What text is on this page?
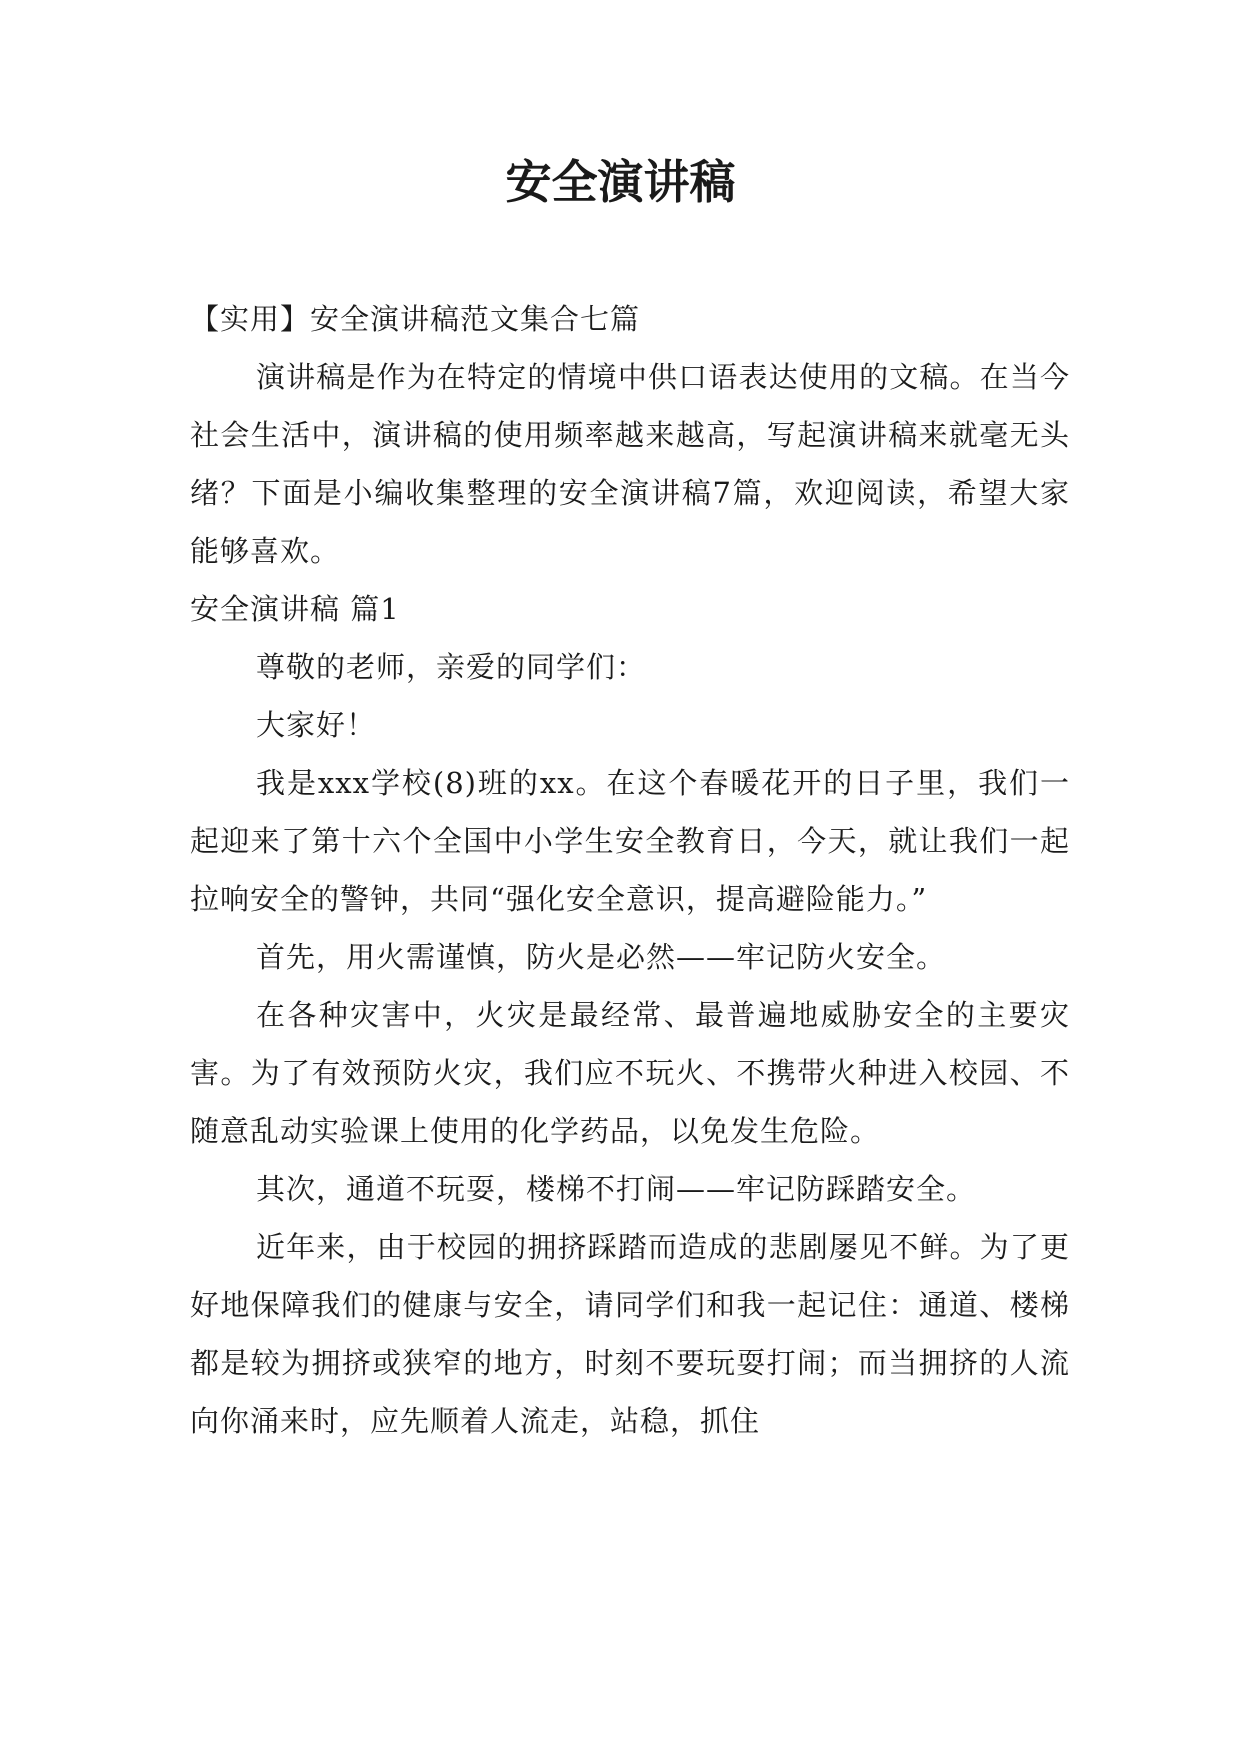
安全演讲稿

【实用】安全演讲稿范文集合七篇

演讲稿是作为在特定的情境中供口语表达使用的文稿。在当今社会生活中，演讲稿的使用频率越来越高，写起演讲稿来就毫无头绪？下面是小编收集整理的安全演讲稿7篇，欢迎阅读，希望大家能够喜欢。

安全演讲稿 篇1

尊敬的老师，亲爱的同学们：

大家好！

我是xxx学校(8)班的xx。在这个春暖花开的日子里，我们一起迎来了第十六个全国中小学生安全教育日，今天，就让我们一起拉响安全的警钟，共同“强化安全意识，提高避险能力。”

首先，用火需谨慎，防火是必然——牢记防火安全。

在各种灾害中，火灾是最经常、最普遍地威胁安全的主要灾害。为了有效预防火灾，我们应不玩火、不携带火种进入校园、不随意乱动实验课上使用的化学药品，以免发生危险。

其次，通道不玩耍，楼梯不打闹——牢记防踩踏安全。

近年来，由于校园的拥挤踩踏而造成的悲剧屡见不鲜。为了更好地保障我们的健康与安全，请同学们和我一起记住：通道、楼梯都是较为拥挤或狭窄的地方，时刻不要玩耍打闹；而当拥挤的人流向你涌来时，应先顺着人流走，站稳，抓住
